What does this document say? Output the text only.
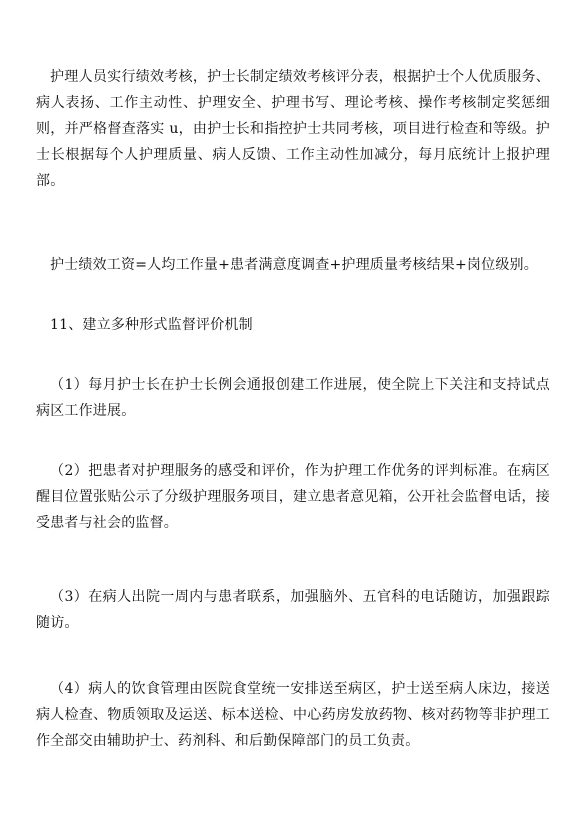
护理人员实行绩效考核，护士长制定绩效考核评分表，根据护士个人优质服务、病人表扬、工作主动性、护理安全、护理书写、理论考核、操作考核制定奖惩细则，并严格督查落实 u，由护士长和指控护士共同考核，项目进行检查和等级。护士长根据每个人护理质量、病人反馈、工作主动性加减分，每月底统计上报护理部。

护士绩效工资=人均工作量+患者满意度调查+护理质量考核结果+岗位级别。

11、建立多种形式监督评价机制

（1）每月护士长在护士长例会通报创建工作进展，使全院上下关注和支持试点病区工作进展。

（2）把患者对护理服务的感受和评价，作为护理工作优务的评判标准。在病区醒目位置张贴公示了分级护理服务项目，建立患者意见箱，公开社会监督电话，接受患者与社会的监督。

（3）在病人出院一周内与患者联系，加强脑外、五官科的电话随访，加强跟踪随访。

（4）病人的饮食管理由医院食堂统一安排送至病区，护士送至病人床边，接送病人检查、物质领取及运送、标本送检、中心药房发放药物、核对药物等非护理工作全部交由辅助护士、药剂科、和后勤保障部门的员工负责。
